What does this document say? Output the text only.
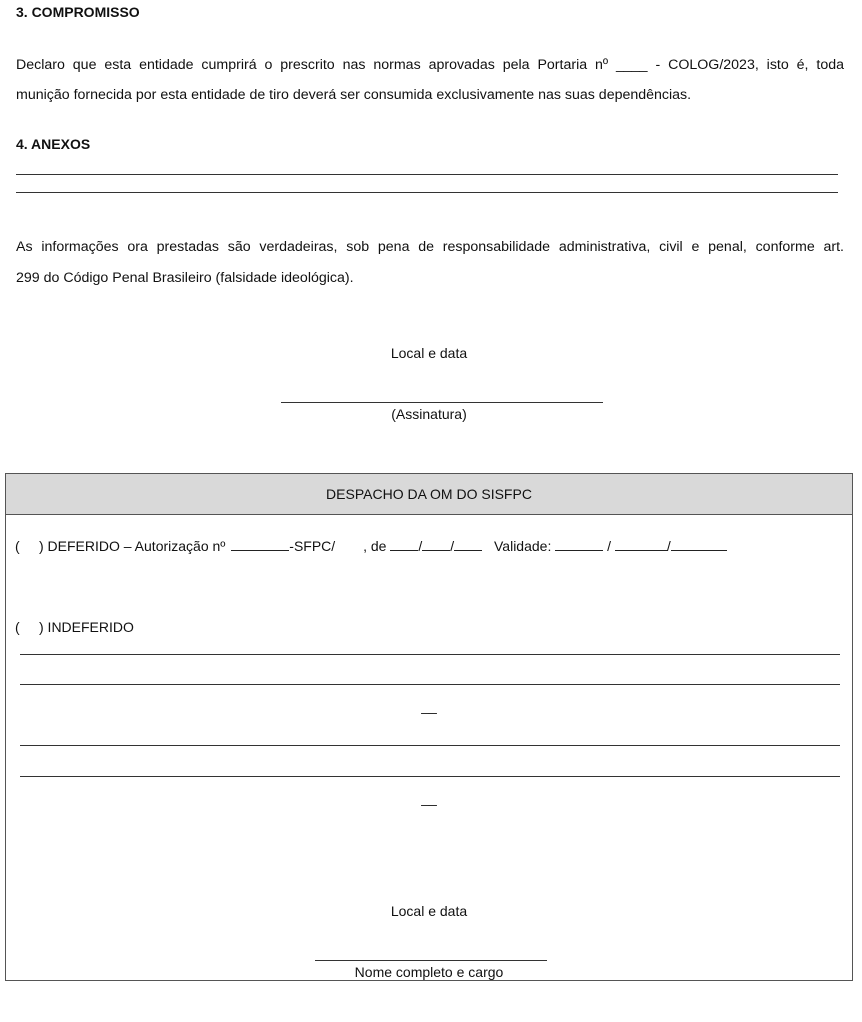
3. COMPROMISSO
Declaro que esta entidade cumprirá o prescrito nas normas aprovadas pela Portaria nº ____ - COLOG/2023, isto é, toda
munição fornecida por esta entidade de tiro deverá ser consumida exclusivamente nas suas dependências.
4. ANEXOS
As informações ora prestadas são verdadeiras, sob pena de responsabilidade administrativa, civil e penal, conforme art.
299 do Código Penal Brasileiro (falsidade ideológica).
Local e data
(Assinatura)
DESPACHO DA OM DO SISFPC
( ) DEFERIDO – Autorização nº	-SFPC/ , de / /	Validade:	/	/
( ) INDEFERIDO
__
__
Local e data
Nome completo e cargo
